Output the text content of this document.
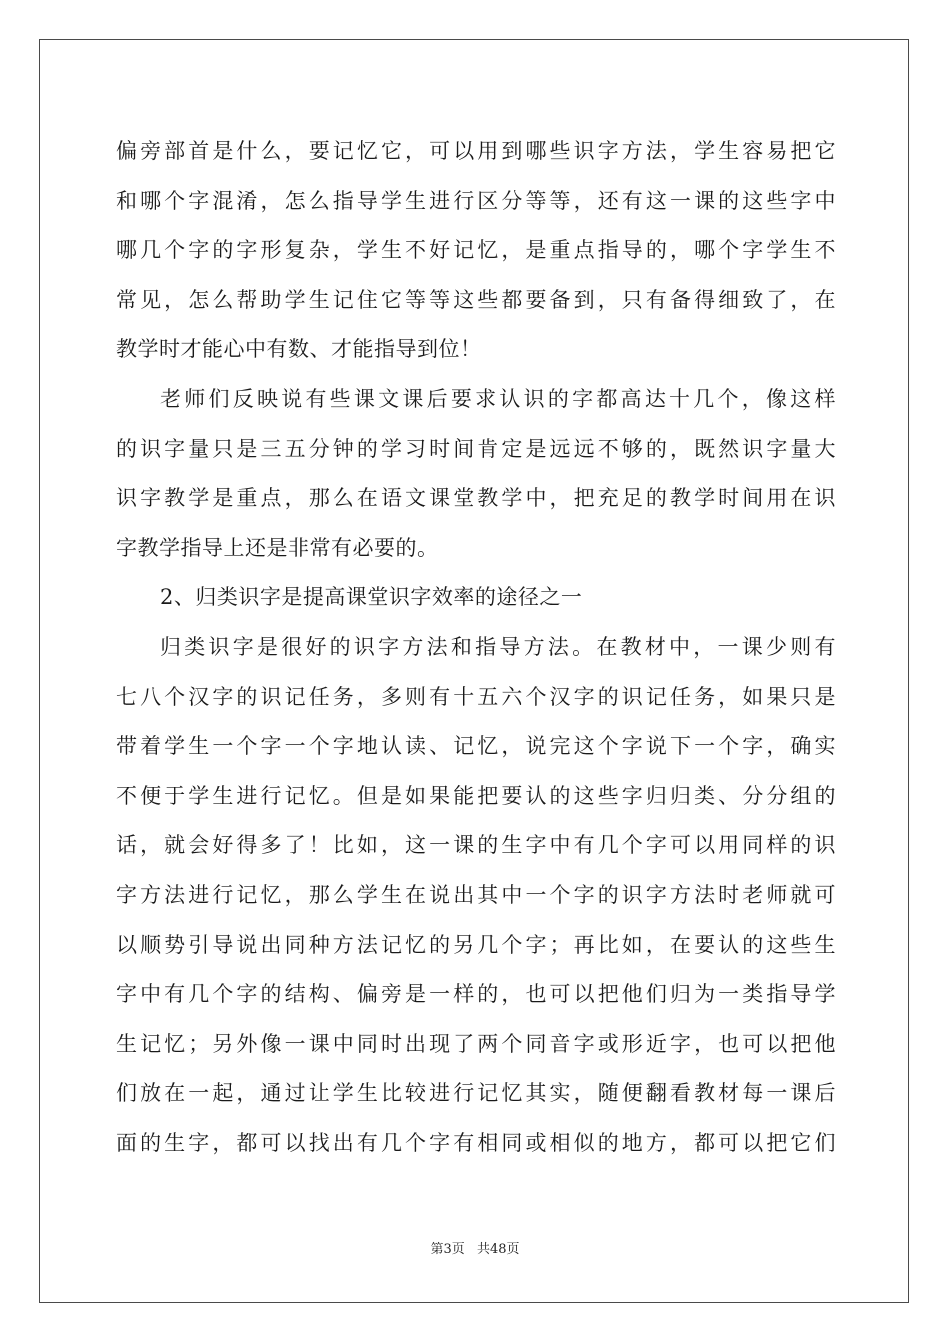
偏旁部首是什么，要记忆它，可以用到哪些识字方法，学生容易把它
和哪个字混淆，怎么指导学生进行区分等等，还有这一课的这些字中
哪几个字的字形复杂，学生不好记忆，是重点指导的，哪个字学生不
常见，怎么帮助学生记住它等等这些都要备到，只有备得细致了，在
教学时才能心中有数、才能指导到位！
老师们反映说有些课文课后要求认识的字都高达十几个，像这样
的识字量只是三五分钟的学习时间肯定是远远不够的，既然识字量大
识字教学是重点，那么在语文课堂教学中，把充足的教学时间用在识
字教学指导上还是非常有必要的。
2、归类识字是提高课堂识字效率的途径之一
归类识字是很好的识字方法和指导方法。在教材中，一课少则有
七八个汉字的识记任务，多则有十五六个汉字的识记任务，如果只是
带着学生一个字一个字地认读、记忆，说完这个字说下一个字，确实
不便于学生进行记忆。但是如果能把要认的这些字归归类、分分组的
话，就会好得多了！比如，这一课的生字中有几个字可以用同样的识
字方法进行记忆，那么学生在说出其中一个字的识字方法时老师就可
以顺势引导说出同种方法记忆的另几个字；再比如，在要认的这些生
字中有几个字的结构、偏旁是一样的，也可以把他们归为一类指导学
生记忆；另外像一课中同时出现了两个同音字或形近字，也可以把他
们放在一起，通过让学生比较进行记忆其实，随便翻看教材每一课后
面的生字，都可以找出有几个字有相同或相似的地方，都可以把它们
第3页 共48页
